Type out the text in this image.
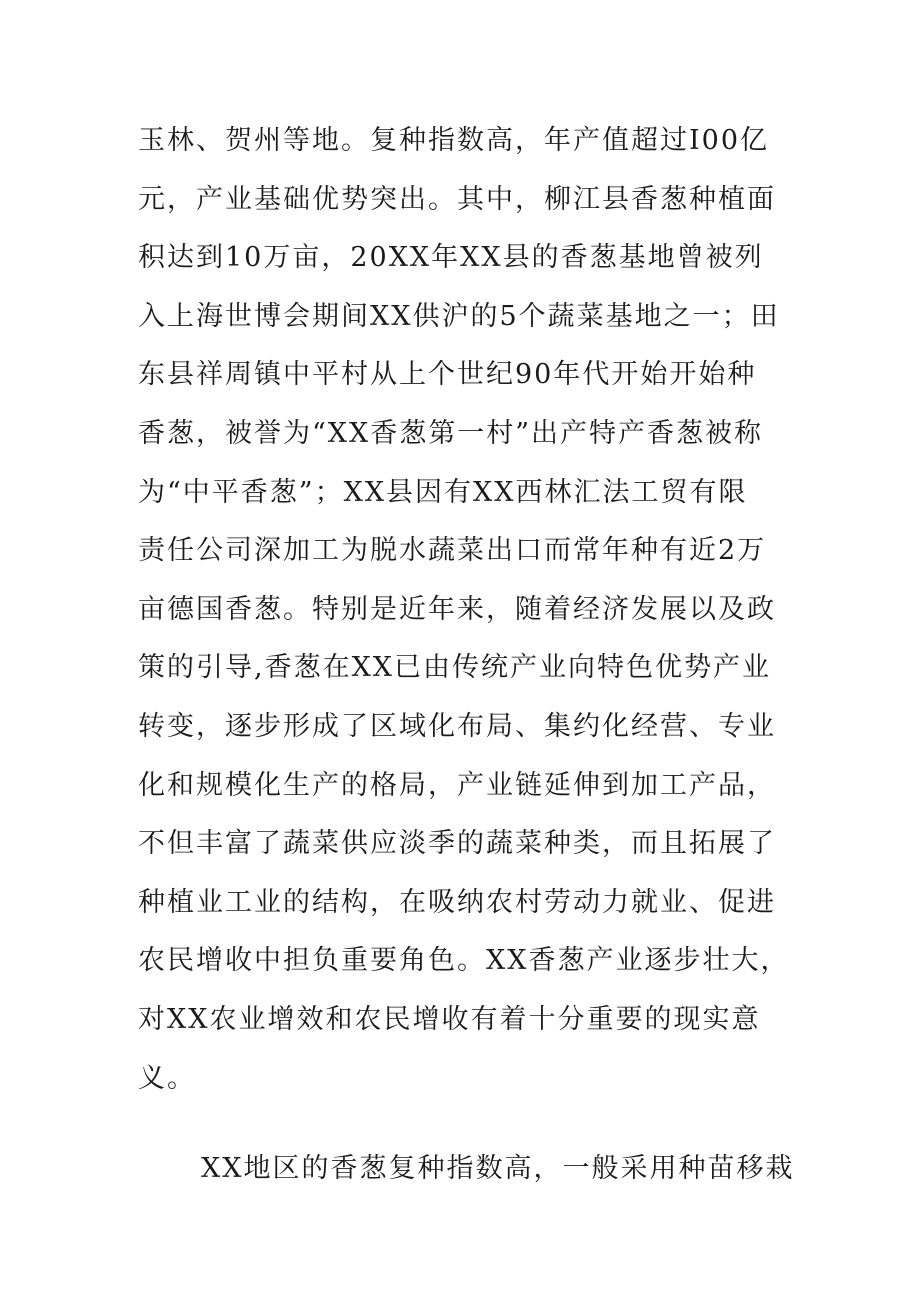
玉林、贺州等地。复种指数高，年产值超过I00亿
元，产业基础优势突出。其中，柳江县香葱种植面
积达到10万亩，20XX年XX县的香葱基地曾被列
入上海世博会期间XX供沪的5个蔬菜基地之一；田
东县祥周镇中平村从上个世纪90年代开始开始种
香葱，被誉为“XX香葱第一村”出产特产香葱被称
为“中平香葱”；XX县因有XX西林汇法工贸有限
责任公司深加工为脱水蔬菜出口而常年种有近2万
亩德国香葱。特别是近年来，随着经济发展以及政
策的引导,香葱在XX已由传统产业向特色优势产业
转变，逐步形成了区域化布局、集约化经营、专业
化和规模化生产的格局，产业链延伸到加工产品，
不但丰富了蔬菜供应淡季的蔬菜种类，而且拓展了
种植业工业的结构，在吸纳农村劳动力就业、促进
农民增收中担负重要角色。XX香葱产业逐步壮大，
对XX农业增效和农民增收有着十分重要的现实意
义。
XX地区的香葱复种指数高，一般采用种苗移栽
